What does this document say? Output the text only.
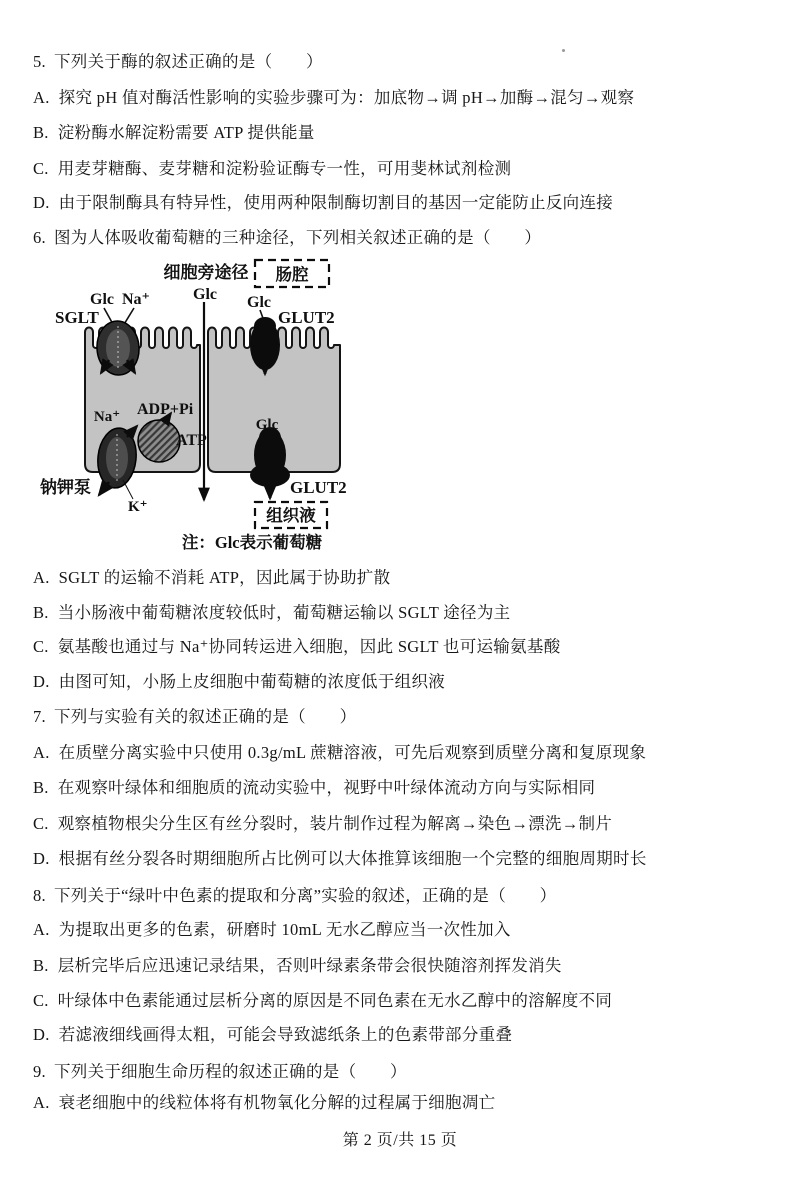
5. 下列关于酶的叙述正确的是（　　）
A. 探究 pH 值对酶活性影响的实验步骤可为：加底物→调 pH→加酶→混匀→观察
B. 淀粉酶水解淀粉需要 ATP 提供能量
C. 用麦芽糖酶、麦芽糖和淀粉验证酶专一性，可用斐林试剂检测
D. 由于限制酶具有特异性，使用两种限制酶切割目的基因一定能防止反向连接
6. 图为人体吸收葡萄糖的三种途径，下列相关叙述正确的是（　　）
肠腔
组织液
细胞旁途径
Glc
Glc Na⁺
SGLT
Glc
GLUT2
Na⁺ ADP+Pi
ATP
钠钾泵
K⁺
Glc
GLUT2
注：Glc表示葡萄糖
A. SGLT 的运输不消耗 ATP，因此属于协助扩散
B. 当小肠液中葡萄糖浓度较低时，葡萄糖运输以 SGLT 途径为主
C. 氨基酸也通过与 Na⁺协同转运进入细胞，因此 SGLT 也可运输氨基酸
D. 由图可知，小肠上皮细胞中葡萄糖的浓度低于组织液
7. 下列与实验有关的叙述正确的是（　　）
A. 在质壁分离实验中只使用 0.3g/mL 蔗糖溶液，可先后观察到质壁分离和复原现象
B. 在观察叶绿体和细胞质的流动实验中，视野中叶绿体流动方向与实际相同
C. 观察植物根尖分生区有丝分裂时，装片制作过程为解离→染色→漂洗→制片
D. 根据有丝分裂各时期细胞所占比例可以大体推算该细胞一个完整的细胞周期时长
8. 下列关于“绿叶中色素的提取和分离”实验的叙述，正确的是（　　）
A. 为提取出更多的色素，研磨时 10mL 无水乙醇应当一次性加入
B. 层析完毕后应迅速记录结果，否则叶绿素条带会很快随溶剂挥发消失
C. 叶绿体中色素能通过层析分离的原因是不同色素在无水乙醇中的溶解度不同
D. 若滤液细线画得太粗，可能会导致滤纸条上的色素带部分重叠
9. 下列关于细胞生命历程的叙述正确的是（　　）
A. 衰老细胞中的线粒体将有机物氧化分解的过程属于细胞凋亡
第 2 页/共 15 页
